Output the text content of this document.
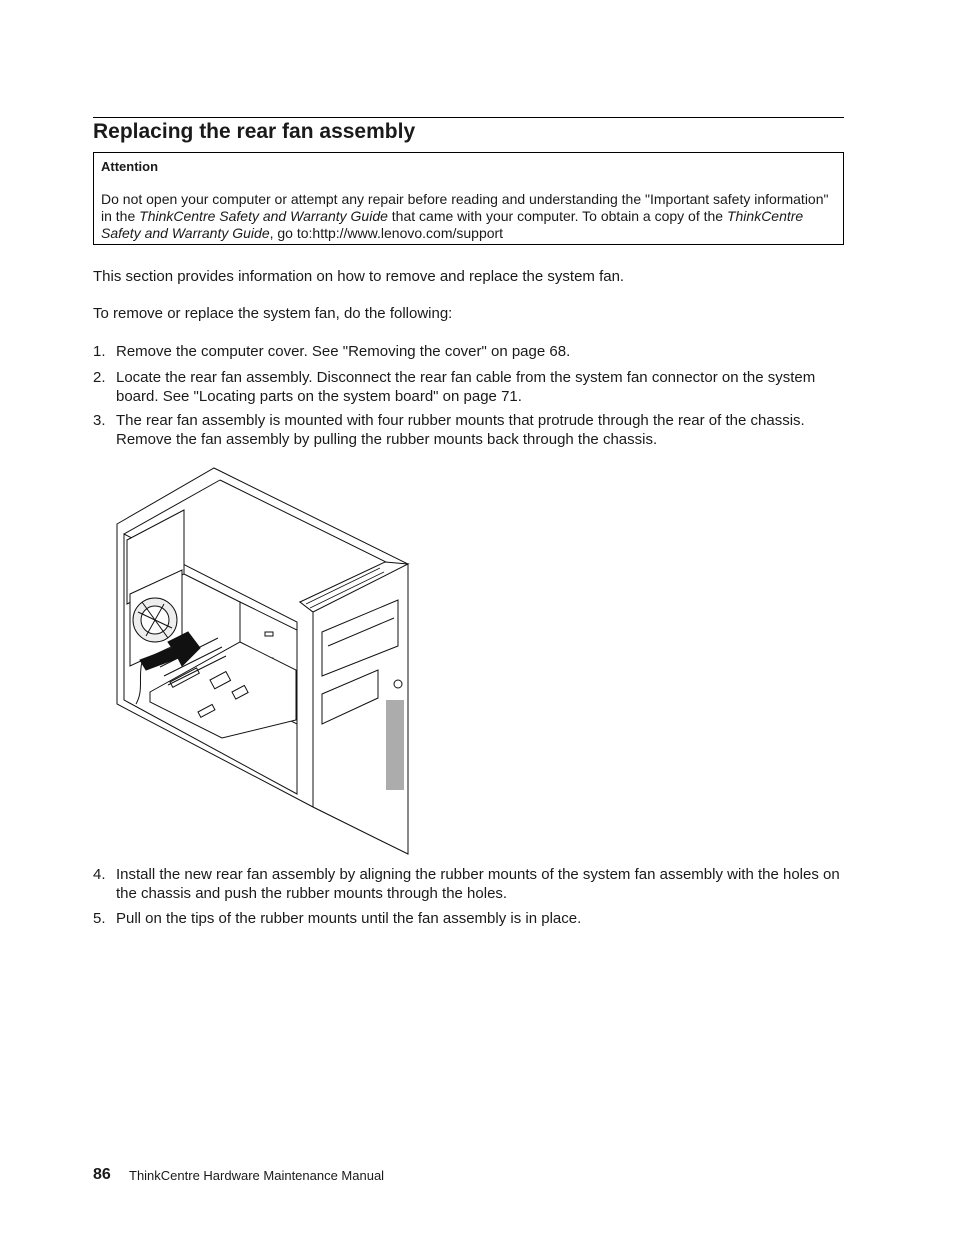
Replacing the rear fan assembly
Attention
Do not open your computer or attempt any repair before reading and understanding the "Important safety information" in the ThinkCentre Safety and Warranty Guide that came with your computer. To obtain a copy of the ThinkCentre Safety and Warranty Guide, go to:http://www.lenovo.com/support
This section provides information on how to remove and replace the system fan.
To remove or replace the system fan, do the following:
1. Remove the computer cover. See "Removing the cover" on page 68.
2. Locate the rear fan assembly. Disconnect the rear fan cable from the system fan connector on the system board. See "Locating parts on the system board" on page 71.
3. The rear fan assembly is mounted with four rubber mounts that protrude through the rear of the chassis. Remove the fan assembly by pulling the rubber mounts back through the chassis.
4. Install the new rear fan assembly by aligning the rubber mounts of the system fan assembly with the holes on the chassis and push the rubber mounts through the holes.
5. Pull on the tips of the rubber mounts until the fan assembly is in place.
86 ThinkCentre Hardware Maintenance Manual
